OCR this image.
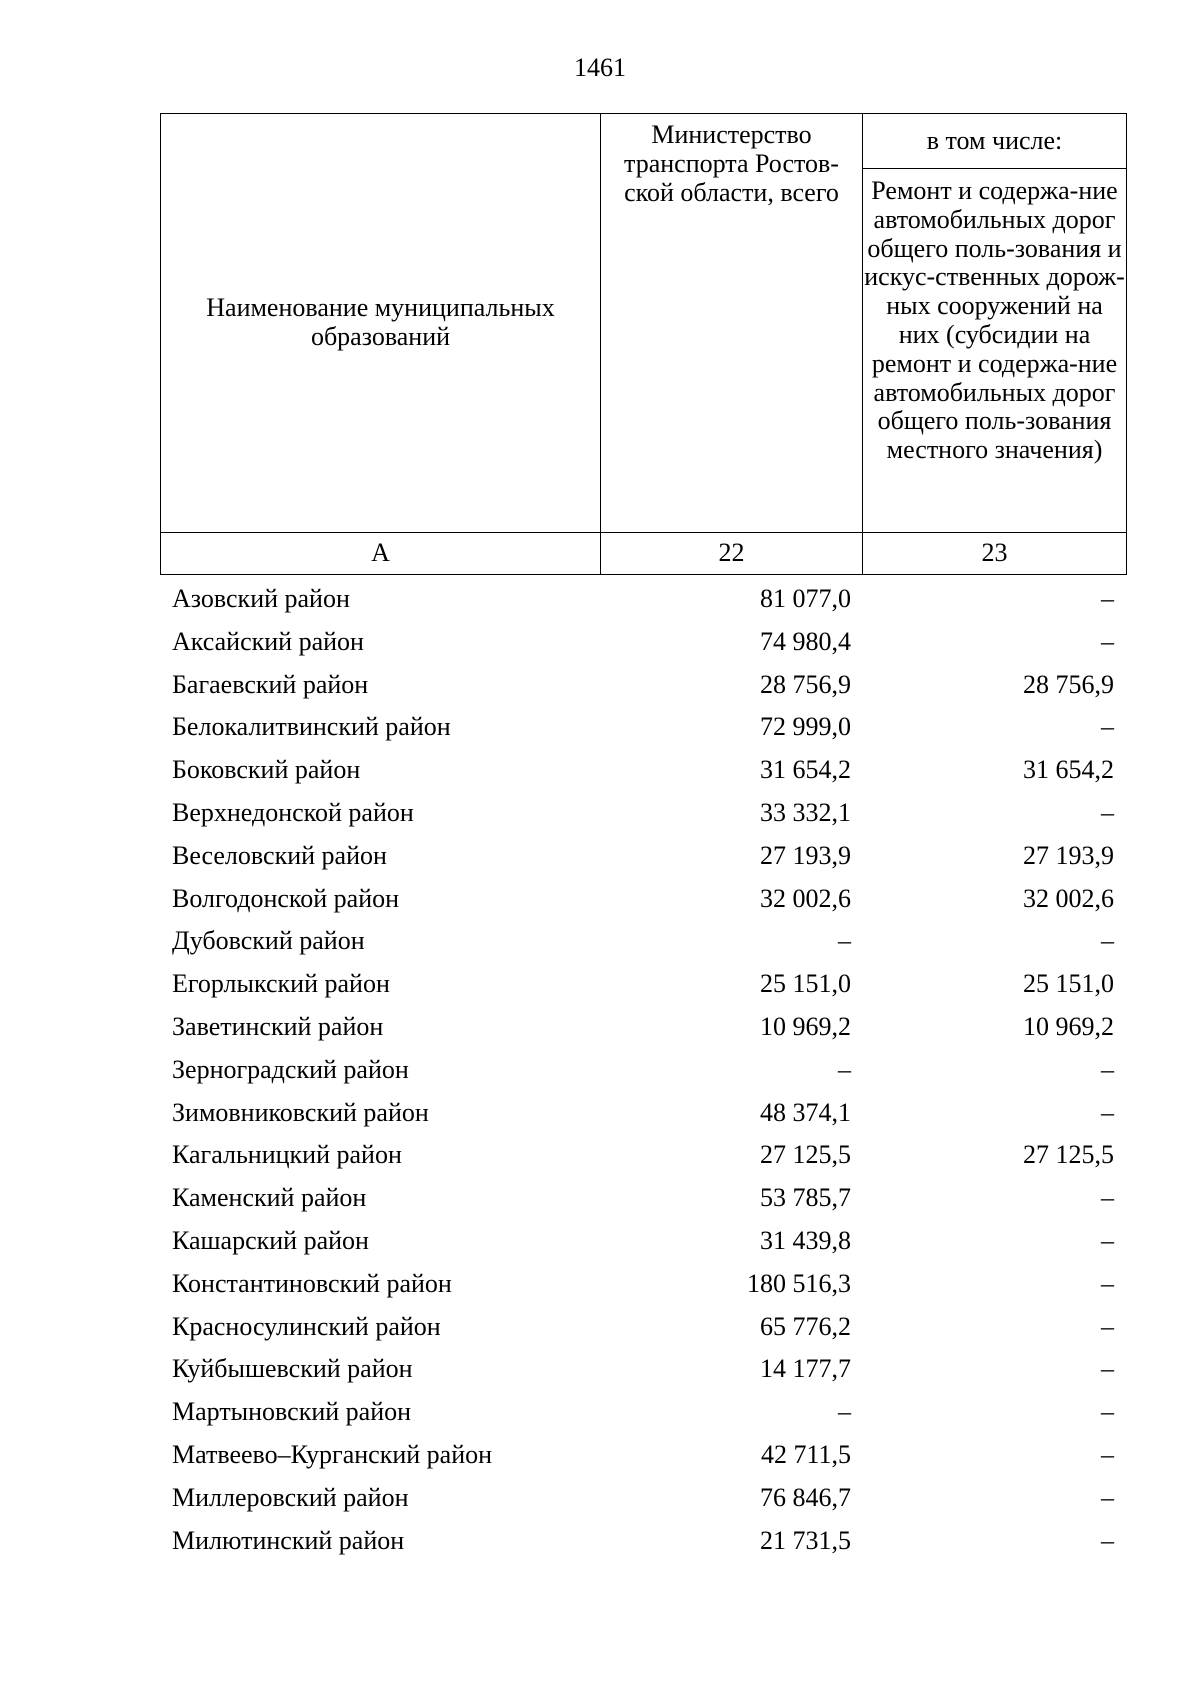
1461
Наименование муниципальных образований	Министерство транспорта Ростов-ской области, всего	в том числе:

		Ремонт и содержа-ние автомобильных дорог общего поль-зования и искус-ственных дорож-ных сооружений на них (субсидии на ремонт и содержа-ние автомобильных дорог общего поль-зования местного значения)

А	22	23
Азовский район	81 077,0	–
Аксайский район	74 980,4	–
Багаевский район	28 756,9	28 756,9
Белокалитвинский район	72 999,0	–
Боковский район	31 654,2	31 654,2
Верхнедонской район	33 332,1	–
Веселовский район	27 193,9	27 193,9
Волгодонской район	32 002,6	32 002,6
Дубовский район	–	–
Егорлыкский район	25 151,0	25 151,0
Заветинский район	10 969,2	10 969,2
Зерноградский район	–	–
Зимовниковский район	48 374,1	–
Кагальницкий район	27 125,5	27 125,5
Каменский район	53 785,7	–
Кашарский район	31 439,8	–
Константиновский район	180 516,3	–
Красносулинский район	65 776,2	–
Куйбышевский район	14 177,7	–
Мартыновский район	–	–
Матвеево–Курганский район	42 711,5	–
Миллеровский район	76 846,7	–
Милютинский район	21 731,5	–
